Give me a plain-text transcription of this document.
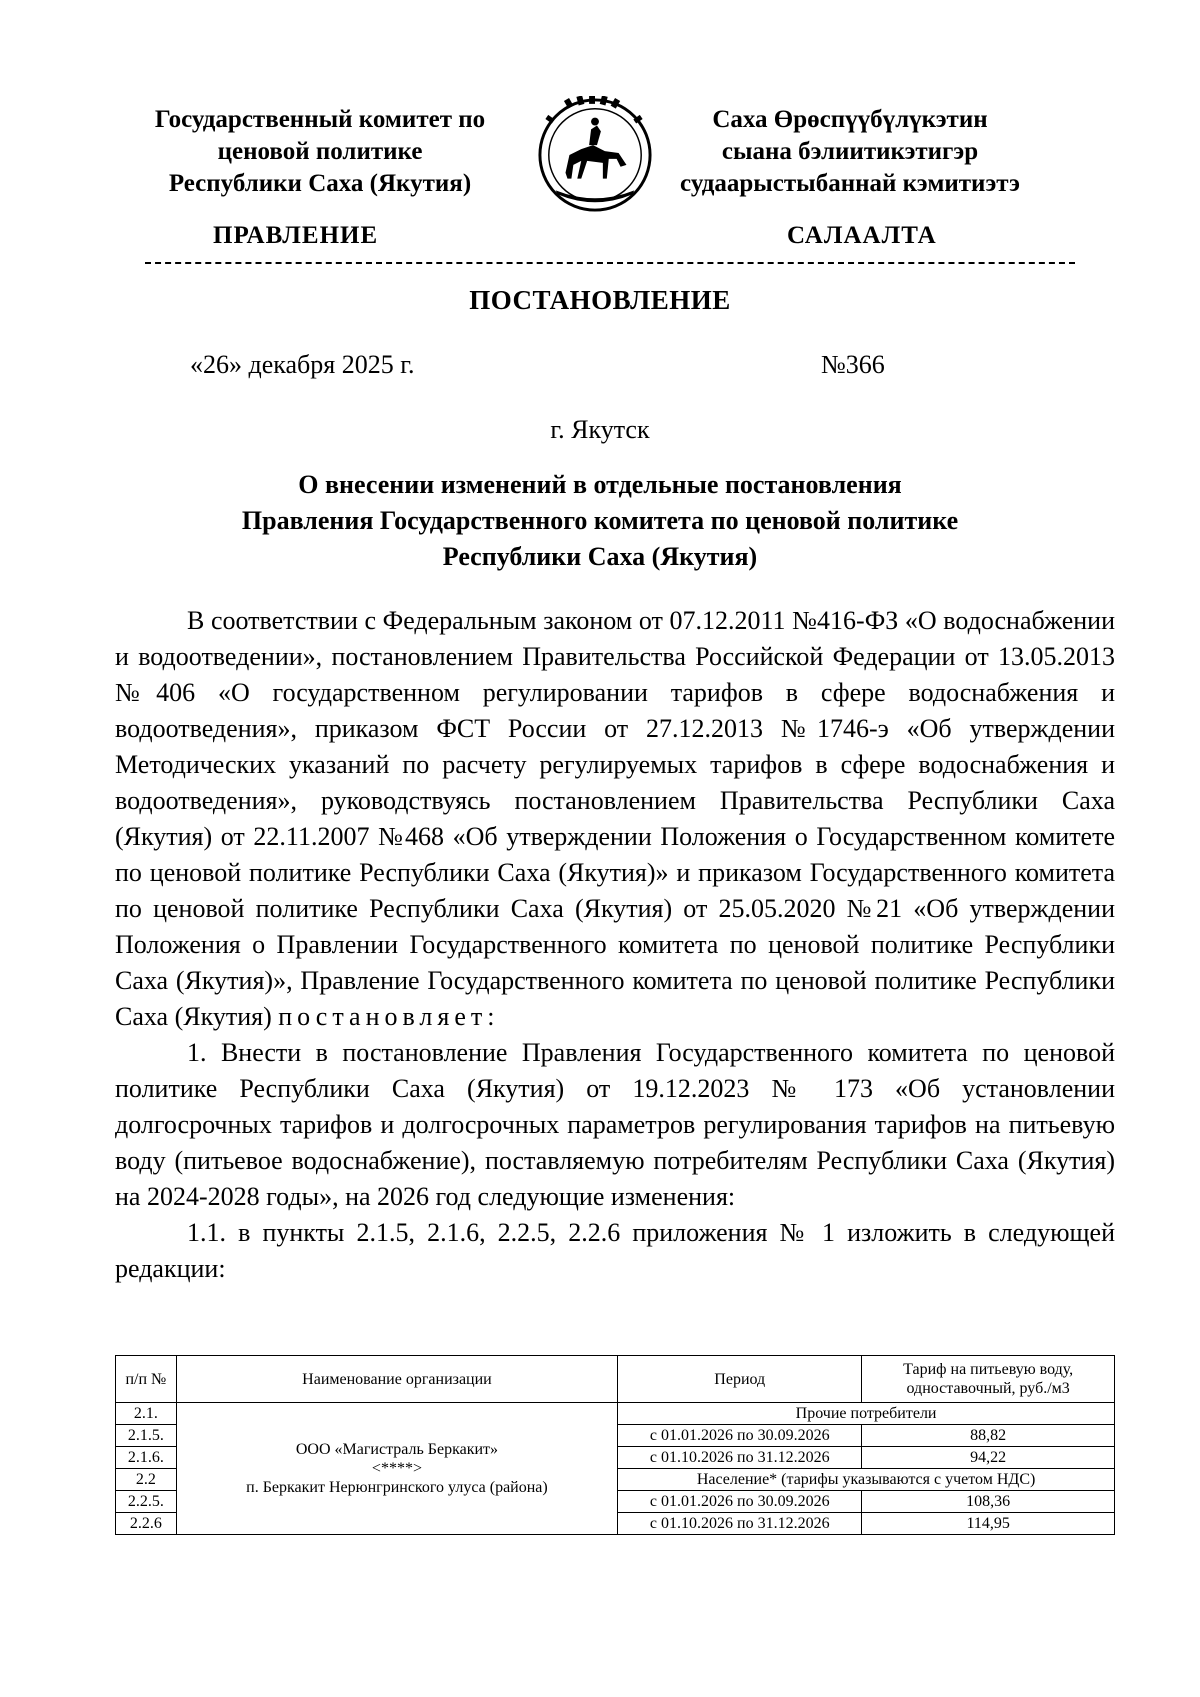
Государственный комитет по
ценовой политике
Республики Саха (Якутия)
Саха Өрөспүүбүлүкэтин
сыана бэлиитикэтигэр
судаарыстыбаннай кэмитиэтэ
ПРАВЛЕНИЕ	САЛААЛТА
ПОСТАНОВЛЕНИЕ
«26» декабря 2025 г.	№366
г. Якутск
О внесении изменений в отдельные постановления
Правления Государственного комитета по ценовой политике
Республики Саха (Якутия)

В соответствии с Федеральным законом от 07.12.2011 №416-ФЗ «О водоснабжении и водоотведении», постановлением Правительства Российской Федерации от 13.05.2013 №406 «О государственном регулировании тарифов в сфере водоснабжения и водоотведения», приказом ФСТ России от 27.12.2013 №1746-э «Об утверждении Методических указаний по расчету регулируемых тарифов в сфере водоснабжения и водоотведения», руководствуясь постановлением Правительства Республики Саха (Якутия) от 22.11.2007 №468 «Об утверждении Положения о Государственном комитете по ценовой политике Республики Саха (Якутия)» и приказом Государственного комитета по ценовой политике Республики Саха (Якутия) от 25.05.2020 №21 «Об утверждении Положения о Правлении Государственного комитета по ценовой политике Республики Саха (Якутия)», Правление Государственного комитета по ценовой политике Республики Саха (Якутия) постановляет:

1. Внести в постановление Правления Государственного комитета по ценовой политике Республики Саха (Якутия) от 19.12.2023 № 173 «Об установлении долгосрочных тарифов и долгосрочных параметров регулирования тарифов на питьевую воду (питьевое водоснабжение), поставляемую потребителям Республики Саха (Якутия) на 2024-2028 годы», на 2026 год следующие изменения:

1.1. в пункты 2.1.5, 2.1.6, 2.2.5, 2.2.6 приложения № 1 изложить в следующей редакции:

п/п №	Наименование организации	Период	Тариф на питьевую воду, одноставочный, руб./м3
2.1.	ООО «Магистраль Беркакит»
<****>
п. Беркакит Нерюнгринского улуса (района)	Прочие потребители	
2.1.5.		с 01.01.2026 по 30.09.2026	88,82
2.1.6.		с 01.10.2026 по 31.12.2026	94,22
2.2		Население* (тарифы указываются с учетом НДС)	
2.2.5.		с 01.01.2026 по 30.09.2026	108,36
2.2.6		с 01.10.2026 по 31.12.2026	114,95
